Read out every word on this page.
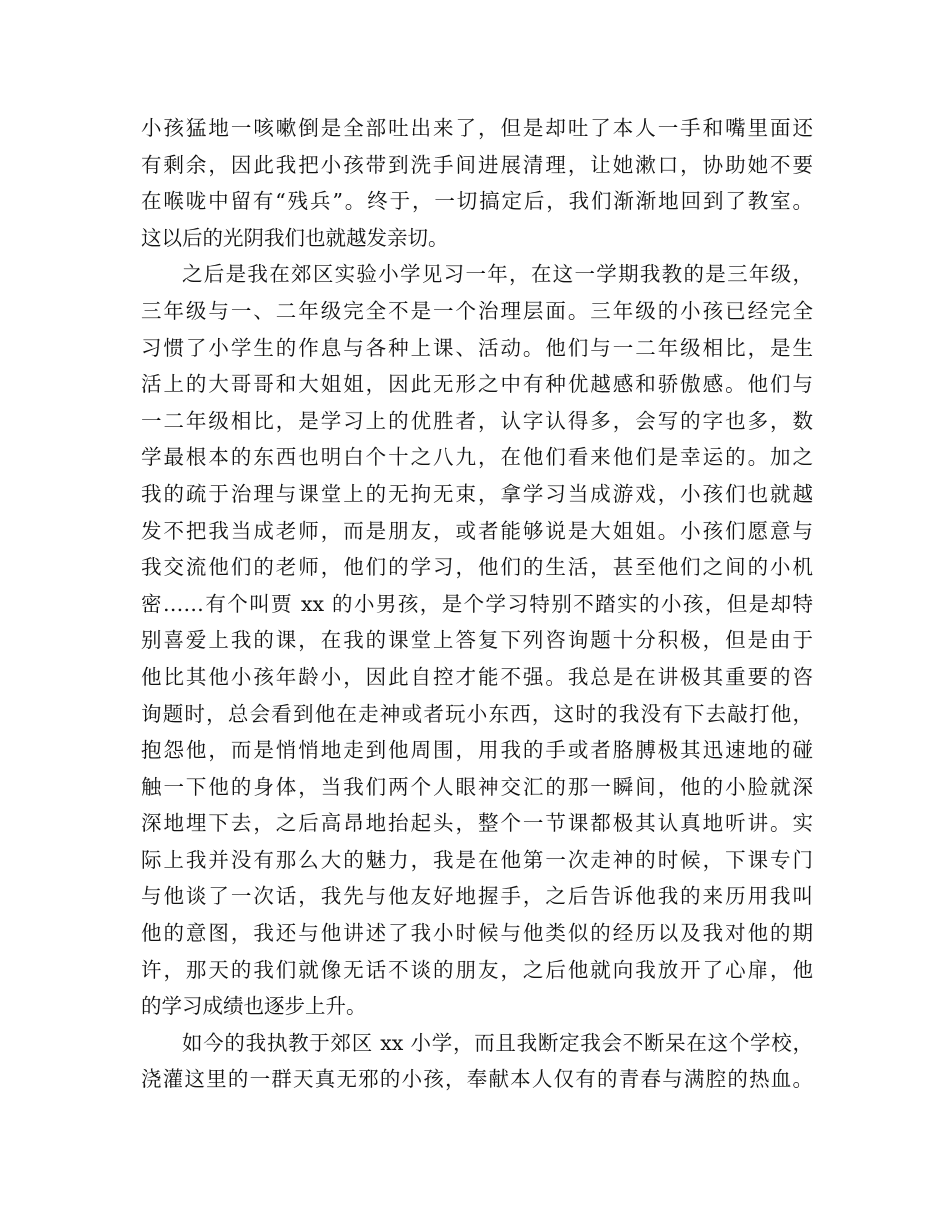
小孩猛地一咳嗽倒是全部吐出来了，但是却吐了本人一手和嘴里面还
有剩余，因此我把小孩带到洗手间进展清理，让她漱口，协助她不要
在喉咙中留有“残兵”。终于，一切搞定后，我们渐渐地回到了教室。
这以后的光阴我们也就越发亲切。
之后是我在郊区实验小学见习一年，在这一学期我教的是三年级，
三年级与一、二年级完全不是一个治理层面。三年级的小孩已经完全
习惯了小学生的作息与各种上课、活动。他们与一二年级相比，是生
活上的大哥哥和大姐姐，因此无形之中有种优越感和骄傲感。他们与
一二年级相比，是学习上的优胜者，认字认得多，会写的字也多，数
学最根本的东西也明白个十之八九，在他们看来他们是幸运的。加之
我的疏于治理与课堂上的无拘无束，拿学习当成游戏，小孩们也就越
发不把我当成老师，而是朋友，或者能够说是大姐姐。小孩们愿意与
我交流他们的老师，他们的学习，他们的生活，甚至他们之间的小机
密……有个叫贾 xx 的小男孩，是个学习特别不踏实的小孩，但是却特
别喜爱上我的课，在我的课堂上答复下列咨询题十分积极，但是由于
他比其他小孩年龄小，因此自控才能不强。我总是在讲极其重要的咨
询题时，总会看到他在走神或者玩小东西，这时的我没有下去敲打他，
抱怨他，而是悄悄地走到他周围，用我的手或者胳膊极其迅速地的碰
触一下他的身体，当我们两个人眼神交汇的那一瞬间，他的小脸就深
深地埋下去，之后高昂地抬起头，整个一节课都极其认真地听讲。实
际上我并没有那么大的魅力，我是在他第一次走神的时候，下课专门
与他谈了一次话，我先与他友好地握手，之后告诉他我的来历用我叫
他的意图，我还与他讲述了我小时候与他类似的经历以及我对他的期
许，那天的我们就像无话不谈的朋友，之后他就向我放开了心扉，他
的学习成绩也逐步上升。
如今的我执教于郊区 xx 小学，而且我断定我会不断呆在这个学校，
浇灌这里的一群天真无邪的小孩，奉献本人仅有的青春与满腔的热血。
